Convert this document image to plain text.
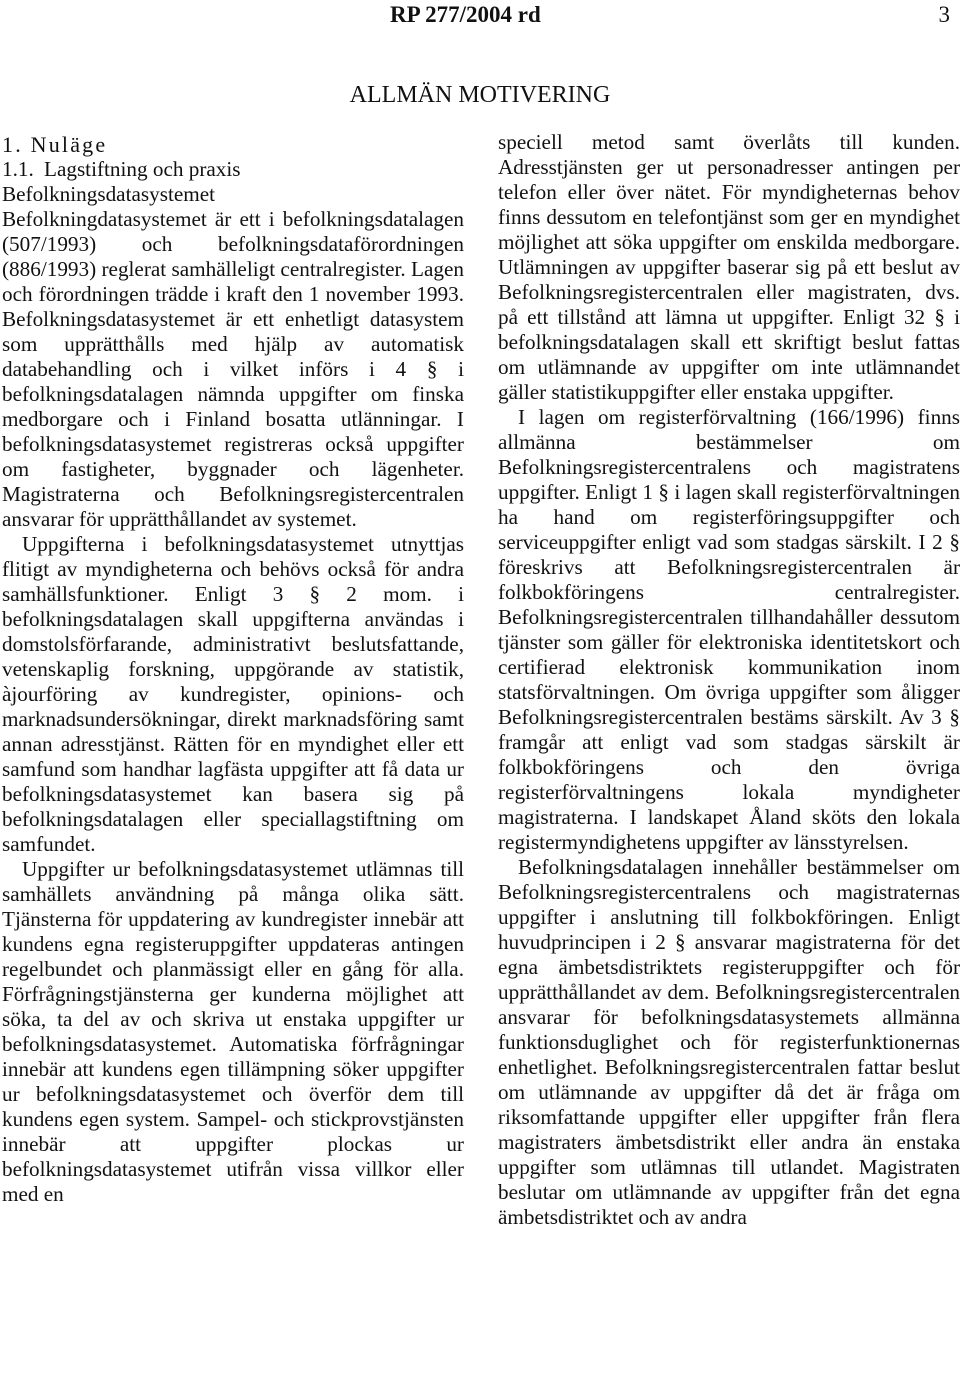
RP 277/2004 rd	3
ALLMÄN MOTIVERING

1. Nuläge

1.1. Lagstiftning och praxis

Befolkningsdatasystemet

Befolkningdatasystemet är ett i befolkningsdatalagen (507/1993) och befolkningsdataförordningen (886/1993) reglerat samhälleligt centralregister. Lagen och förordningen trädde i kraft den 1 november 1993. Befolkningsdatasystemet är ett enhetligt datasystem som upprätthålls med hjälp av automatisk databehandling och i vilket införs i 4 § i befolkningsdatalagen nämnda uppgifter om finska medborgare och i Finland bosatta utlänningar. I befolkningsdatasystemet registreras också uppgifter om fastigheter, byggnader och lägenheter. Magistraterna och Befolkningsregistercentralen ansvarar för upprätthållandet av systemet.

Uppgifterna i befolkningsdatasystemet utnyttjas flitigt av myndigheterna och behövs också för andra samhällsfunktioner. Enligt 3 § 2 mom. i befolkningsdatalagen skall uppgifterna användas i domstolsförfarande, administrativt beslutsfattande, vetenskaplig forskning, uppgörande av statistik, àjourföring av kundregister, opinions- och marknadsundersökningar, direkt marknadsföring samt annan adresstjänst. Rätten för en myndighet eller ett samfund som handhar lagfästa uppgifter att få data ur befolkningsdatasystemet kan basera sig på befolkningsdatalagen eller speciallagstiftning om samfundet.

Uppgifter ur befolkningsdatasystemet utlämnas till samhällets användning på många olika sätt. Tjänsterna för uppdatering av kundregister innebär att kundens egna registeruppgifter uppdateras antingen regelbundet och planmässigt eller en gång för alla. Förfrågningstjänsterna ger kunderna möjlighet att söka, ta del av och skriva ut enstaka uppgifter ur befolkningsdatasystemet. Automatiska förfrågningar innebär att kundens egen tillämpning söker uppgifter ur befolkningsdatasystemet och överför dem till kundens egen system. Sampel- och stickprovstjänsten innebär att uppgifter plockas ur befolkningsdatasystemet utifrån vissa villkor eller med en

speciell metod samt överlåts till kunden. Adresstjänsten ger ut personadresser antingen per telefon eller över nätet. För myndigheternas behov finns dessutom en telefontjänst som ger en myndighet möjlighet att söka uppgifter om enskilda medborgare. Utlämningen av uppgifter baserar sig på ett beslut av Befolkningsregistercentralen eller magistraten, dvs. på ett tillstånd att lämna ut uppgifter. Enligt 32 § i befolkningsdatalagen skall ett skriftigt beslut fattas om utlämnande av uppgifter om inte utlämnandet gäller statistikuppgifter eller enstaka uppgifter.

I lagen om registerförvaltning (166/1996) finns allmänna bestämmelser om Befolkningsregistercentralens och magistratens uppgifter. Enligt 1 § i lagen skall registerförvaltningen ha hand om registerföringsuppgifter och serviceuppgifter enligt vad som stadgas särskilt. I 2 § föreskrivs att Befolkningsregistercentralen är folkbokföringens centralregister. Befolkningsregistercentralen tillhandahåller dessutom tjänster som gäller för elektroniska identitetskort och certifierad elektronisk kommunikation inom statsförvaltningen. Om övriga uppgifter som åligger Befolkningsregistercentralen bestäms särskilt. Av 3 § framgår att enligt vad som stadgas särskilt är folkbokföringens och den övriga registerförvaltningens lokala myndigheter magistraterna. I landskapet Åland sköts den lokala registermyndighetens uppgifter av länsstyrelsen.

Befolkningsdatalagen innehåller bestämmelser om Befolkningsregistercentralens och magistraternas uppgifter i anslutning till folkbokföringen. Enligt huvudprincipen i 2 § ansvarar magistraterna för det egna ämbetsdistriktets registeruppgifter och för upprätthållandet av dem. Befolkningsregistercentralen ansvarar för befolkningsdatasystemets allmänna funktionsduglighet och för registerfunktionernas enhetlighet. Befolkningsregistercentralen fattar beslut om utlämnande av uppgifter då det är fråga om riksomfattande uppgifter eller uppgifter från flera magistraters ämbetsdistrikt eller andra än enstaka uppgifter som utlämnas till utlandet. Magistraten beslutar om utlämnande av uppgifter från det egna ämbetsdistriktet och av andra
